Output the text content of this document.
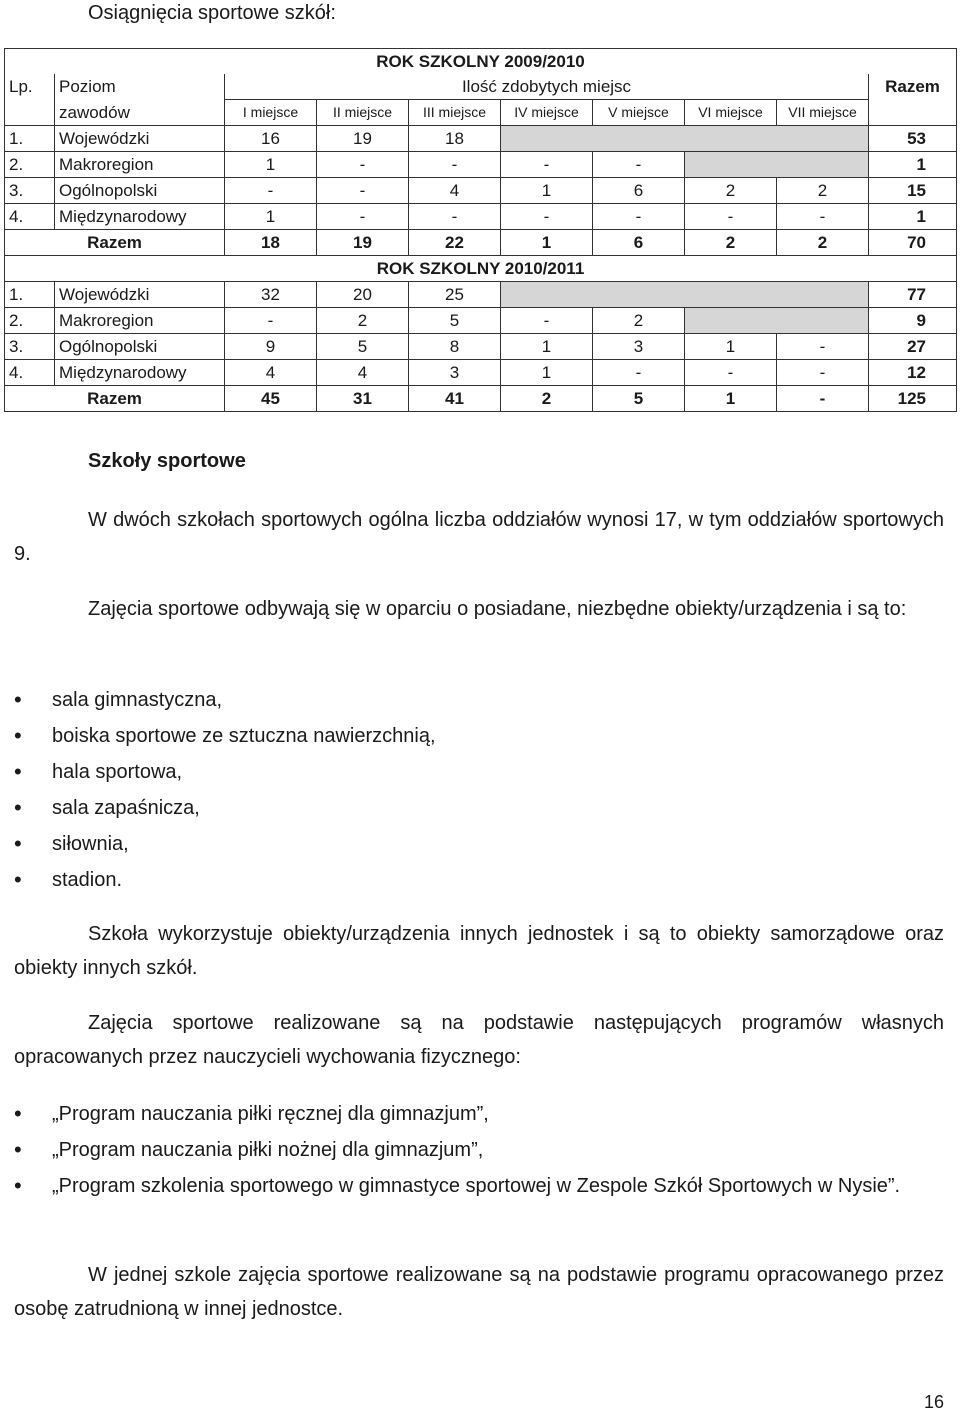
Osiągnięcia sportowe szkół:
ROK SZKOLNY 2009/2010									
Lp.	Poziom	Ilość zdobytych miejsc							Razem
	zawodów	I miejsce	II miejsce	III miejsce	IV miejsce	V miejsce	VI miejsce	VII miejsce	
1.	Wojewódzki	16	19	18					53
2.	Makroregion	1	-	-	-	-			1
3.	Ogólnopolski	-	-	4	1	6	2	2	15
4.	Międzynarodowy	1	-	-	-	-	-	-	1
Razem		18	19	22	1	6	2	2	70
ROK SZKOLNY 2010/2011									
1.	Wojewódzki	32	20	25					77
2.	Makroregion	-	2	5	-	2			9
3.	Ogólnopolski	9	5	8	1	3	1	-	27
4.	Międzynarodowy	4	4	3	1	-	-	-	12
Razem		45	31	41	2	5	1	-	125
Szkoły sportowe
W dwóch szkołach sportowych ogólna liczba oddziałów wynosi 17, w tym oddziałów sportowych 9.
Zajęcia sportowe odbywają się w oparciu o posiadane, niezbędne obiekty/urządzenia i są to:
• sala gimnastyczna,
• boiska sportowe ze sztuczna nawierzchnią,
• hala sportowa,
• sala zapaśnicza,
• siłownia,
• stadion.
Szkoła wykorzystuje obiekty/urządzenia innych jednostek i są to obiekty samorządowe oraz obiekty innych szkół.
Zajęcia sportowe realizowane są na podstawie następujących programów własnych opracowanych przez nauczycieli wychowania fizycznego:
• „Program nauczania piłki ręcznej dla gimnazjum”,
• „Program nauczania piłki nożnej dla gimnazjum”,
• „Program szkolenia sportowego w gimnastyce sportowej w Zespole Szkół Sportowych w Nysie”.
W jednej szkole zajęcia sportowe realizowane są na podstawie programu opracowanego przez osobę zatrudnioną w innej jednostce.
16
